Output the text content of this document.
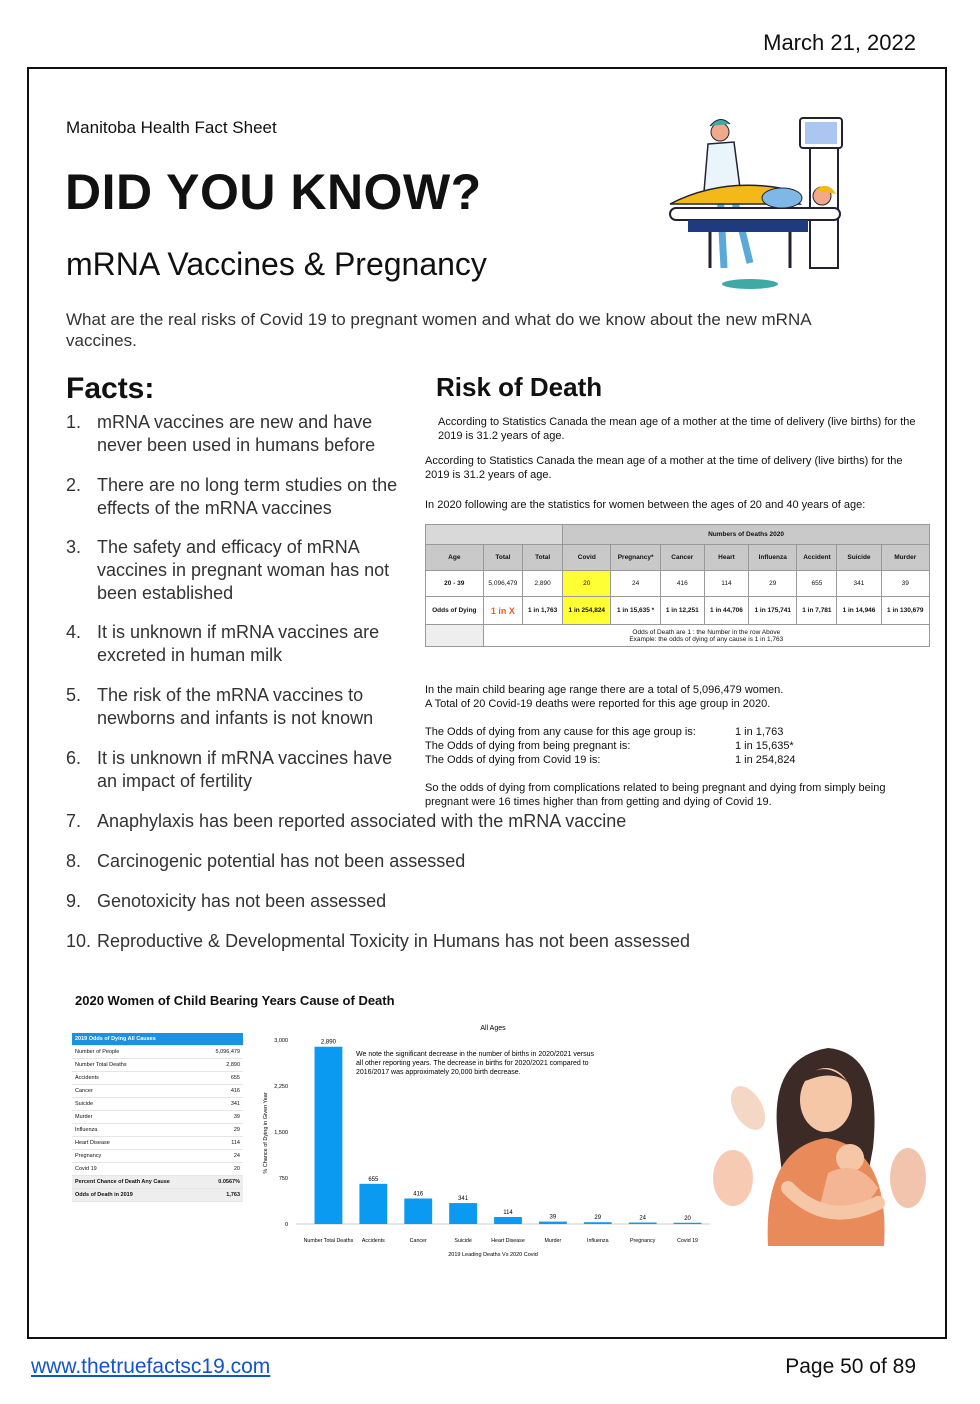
March 21, 2022
Manitoba Health Fact Sheet
DID YOU KNOW?
mRNA Vaccines & Pregnancy
What are the real risks of Covid 19 to pregnant women and what do we know about the new mRNA vaccines.
Facts:
1. mRNA vaccines are new and have never been used in humans before
2. There are no long term studies on the effects of the mRNA vaccines
3. The safety and efficacy of mRNA vaccines in pregnant woman has not been established
4. It is unknown if mRNA vaccines are excreted in human milk
5. The risk of the mRNA vaccines to newborns and infants is not known
6. It is unknown if mRNA vaccines have an impact of fertility
7. Anaphylaxis has been reported associated with the mRNA vaccine
8. Carcinogenic potential has not been assessed
9. Genotoxicity has not been assessed
10. Reproductive & Developmental Toxicity in Humans has not been assessed
Risk of Death
According to Statistics Canada the mean age of a mother at the time of delivery (live births) for the 2019 is 31.2 years of age.
According to Statistics Canada the mean age of a mother at the time of delivery (live births) for the 2019 is 31.2 years of age.
In 2020 following are the statistics for women between the ages of 20 and 40 years of age:
			Numbers of Deaths 2020							
Age	Total	Total	Covid	Pregnancy*	Cancer	Heart	Influenza	Accident	Suicide	Murder
20 - 39	5,096,479	2,890	20	24	416	114	29	655	341	39
Odds of Dying	1 in X	1 in 1,763	1 in 254,824	1 in 15,635 *	1 in 12,251	1 in 44,706	1 in 175,741	1 in 7,781	1 in 14,946	1 in 130,679

	Odds of Death are 1 : the Number in the row Above
Example: the odds of dying of any cause is 1 in 1,763									
In the main child bearing age range there are a total of 5,096,479 women.
A Total of 20 Covid-19 deaths were reported for this age group in 2020.
The Odds of dying from any cause for this age group is:	1 in 1,763
The Odds of dying from being pregnant is:	1 in 15,635*
The Odds of dying from Covid 19 is:	1 in 254,824
So the odds of dying from complications related to being pregnant and dying from simply being pregnant were 16 times higher than from getting and dying of Covid 19.
2020 Women of Child Bearing Years Cause of Death
2019 Odds of Dying All Causes	
Number of People	5,096,479
Number Total Deaths	2,890
Accidents	655
Cancer	416
Suicide	341
Murder	39
Influenza	29
Heart Disease	114
Pregnancy	24
Covid 19	20
Percent Chance of Death Any Cause	0.0567%
Odds of Death in 2019	1,763
All Ages
0
750
1,500
2,250
3,000	2,890
Number Total Deaths
655
Accidents
416
Cancer
341
Suicide
114
Heart Disease
39
Murder
29
Influenza
24
Pregnancy
20
Covid 19
2019 Leading Deaths Vs 2020 Covid
% Chance of Dying in Given Year
We note the significant decrease in the number of births in 2020/2021 versus all other reporting years. The decrease in births for 2020/2021 compared to 2016/2017 was approximately 20,000 birth decrease.
www.thetruefactsc19.com	Page 50 of 89
